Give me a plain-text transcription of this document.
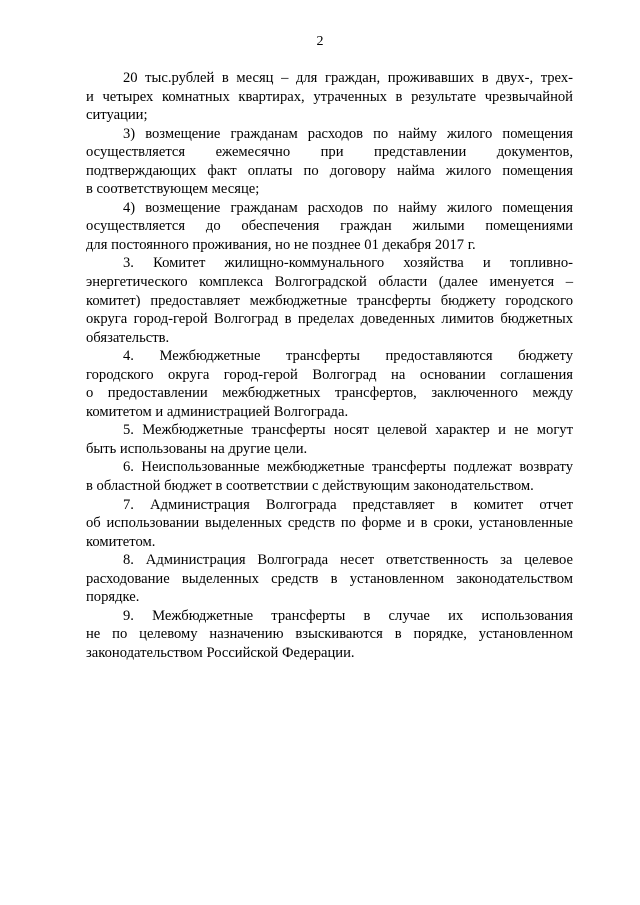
2
20 тыс.рублей в месяц – для граждан, проживавших в двух-, трех-
и четырех комнатных квартирах, утраченных в результате чрезвычайной
ситуации;
3) возмещение гражданам расходов по найму жилого помещения
осуществляется ежемесячно при представлении документов,
подтверждающих факт оплаты по договору найма жилого помещения
в соответствующем месяце;
4) возмещение гражданам расходов по найму жилого помещения
осуществляется до обеспечения граждан жилыми помещениями
для постоянного проживания, но не позднее 01 декабря 2017 г.
3. Комитет жилищно-коммунального хозяйства и топливно-
энергетического комплекса Волгоградской области (далее именуется –
комитет) предоставляет межбюджетные трансферты бюджету городского
округа город-герой Волгоград в пределах доведенных лимитов бюджетных
обязательств.
4. Межбюджетные трансферты предоставляются бюджету
городского округа город-герой Волгоград на основании соглашения
о предоставлении межбюджетных трансфертов, заключенного между
комитетом и администрацией Волгограда.
5. Межбюджетные трансферты носят целевой характер и не могут
быть использованы на другие цели.
6. Неиспользованные межбюджетные трансферты подлежат возврату
в областной бюджет в соответствии с действующим законодательством.
7. Администрация Волгограда представляет в комитет отчет
об использовании выделенных средств по форме и в сроки, установленные
комитетом.
8. Администрация Волгограда несет ответственность за целевое
расходование выделенных средств в установленном законодательством
порядке.
9. Межбюджетные трансферты в случае их использования
не по целевому назначению взыскиваются в порядке, установленном
законодательством Российской Федерации.
